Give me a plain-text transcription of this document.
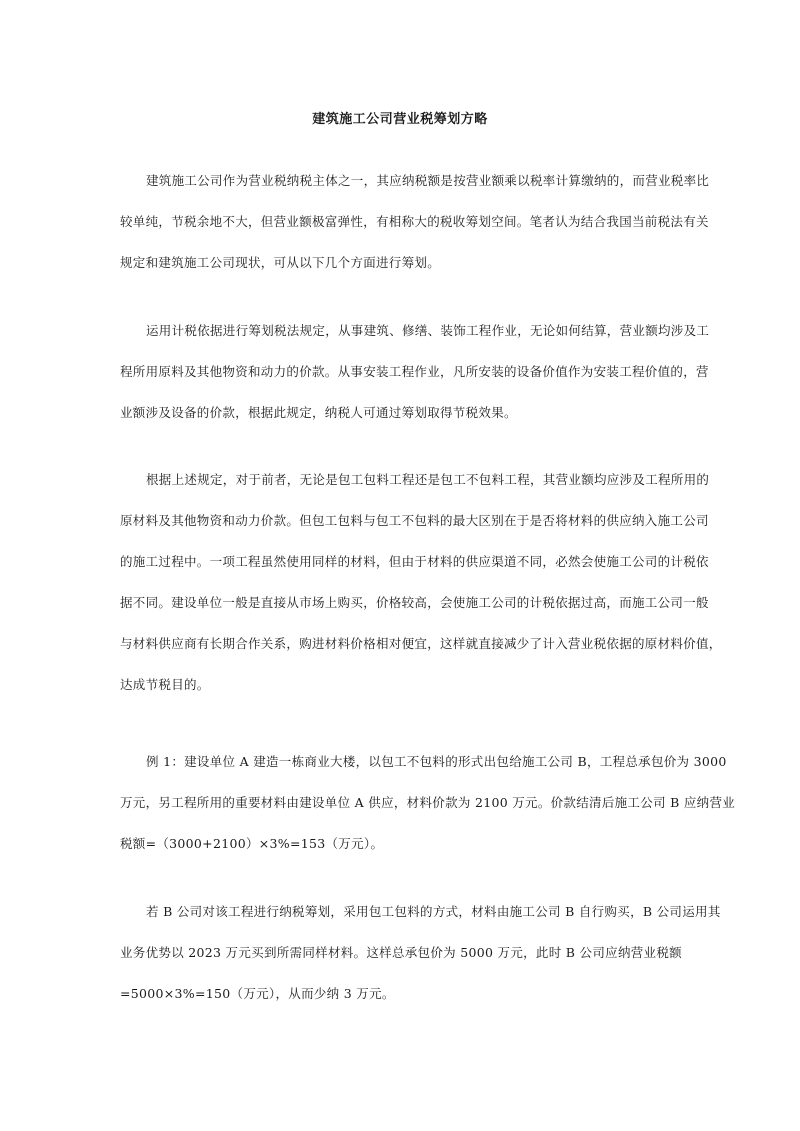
建筑施工公司营业税筹划方略
建筑施工公司作为营业税纳税主体之一，其应纳税额是按营业额乘以税率计算缴纳的，而营业税率比
较单纯，节税余地不大，但营业额极富弹性，有相称大的税收筹划空间。笔者认为结合我国当前税法有关
规定和建筑施工公司现状，可从以下几个方面进行筹划。
运用计税依据进行筹划税法规定，从事建筑、修缮、装饰工程作业，无论如何结算，营业额均涉及工
程所用原料及其他物资和动力的价款。从事安装工程作业，凡所安装的设备价值作为安装工程价值的，营
业额涉及设备的价款，根据此规定，纳税人可通过筹划取得节税效果。
根据上述规定，对于前者，无论是包工包料工程还是包工不包料工程，其营业额均应涉及工程所用的
原材料及其他物资和动力价款。但包工包料与包工不包料的最大区别在于是否将材料的供应纳入施工公司
的施工过程中。一项工程虽然使用同样的材料，但由于材料的供应渠道不同，必然会使施工公司的计税依
据不同。建设单位一般是直接从市场上购买，价格较高，会使施工公司的计税依据过高，而施工公司一般
与材料供应商有长期合作关系，购进材料价格相对便宜，这样就直接减少了计入营业税依据的原材料价值，
达成节税目的。
例 1：建设单位 A 建造一栋商业大楼，以包工不包料的形式出包给施工公司 B，工程总承包价为 3000
万元，另工程所用的重要材料由建设单位 A 供应，材料价款为 2100 万元。价款结清后施工公司 B 应纳营业
税额=（3000+2100）×3%=153（万元）。
若 B 公司对该工程进行纳税筹划，采用包工包料的方式，材料由施工公司 B 自行购买，B 公司运用其
业务优势以 2023 万元买到所需同样材料。这样总承包价为 5000 万元，此时 B 公司应纳营业税额
=5000×3%=150（万元），从而少纳 3 万元。
